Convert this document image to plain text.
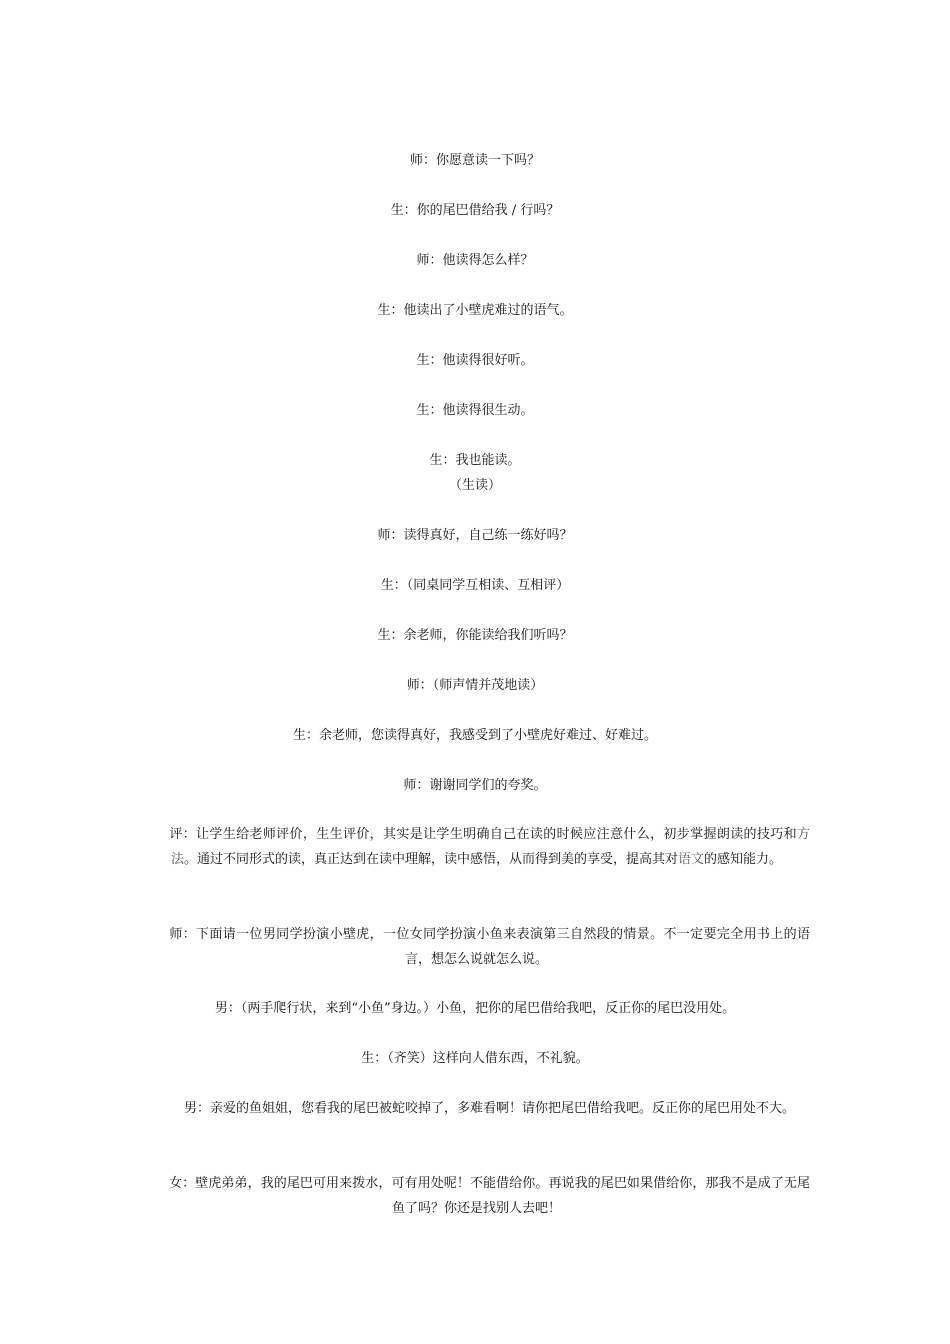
师：你愿意读一下吗？
生：你的尾巴借给我 / 行吗？
师：他读得怎么样？
生：他读出了小壁虎难过的语气。
生：他读得很好听。
生：他读得很生动。
生：我也能读。
（生读）
师：读得真好，自己练一练好吗？
生：（同桌同学互相读、互相评）
生：余老师，你能读给我们听吗？
师：（师声情并茂地读）
生：余老师，您读得真好，我感受到了小壁虎好难过、好难过。
师：谢谢同学们的夸奖。
评：让学生给老师评价，生生评价，其实是让学生明确自己在读的时候应注意什么，初步掌握朗读的技巧和方法。通过不同形式的读，真正达到在读中理解，读中感悟，从而得到美的享受，提高其对语文的感知能力。
师：下面请一位男同学扮演小壁虎，一位女同学扮演小鱼来表演第三自然段的情景。不一定要完全用书上的语言，想怎么说就怎么说。
男：（两手爬行状，来到“小鱼”身边。）小鱼，把你的尾巴借给我吧，反正你的尾巴没用处。
生：（齐笑）这样向人借东西，不礼貌。
男：亲爱的鱼姐姐，您看我的尾巴被蛇咬掉了，多难看啊！请你把尾巴借给我吧。反正你的尾巴用处不大。
女：壁虎弟弟，我的尾巴可用来拨水，可有用处呢！不能借给你。再说我的尾巴如果借给你，那我不是成了无尾鱼了吗？你还是找别人去吧！
